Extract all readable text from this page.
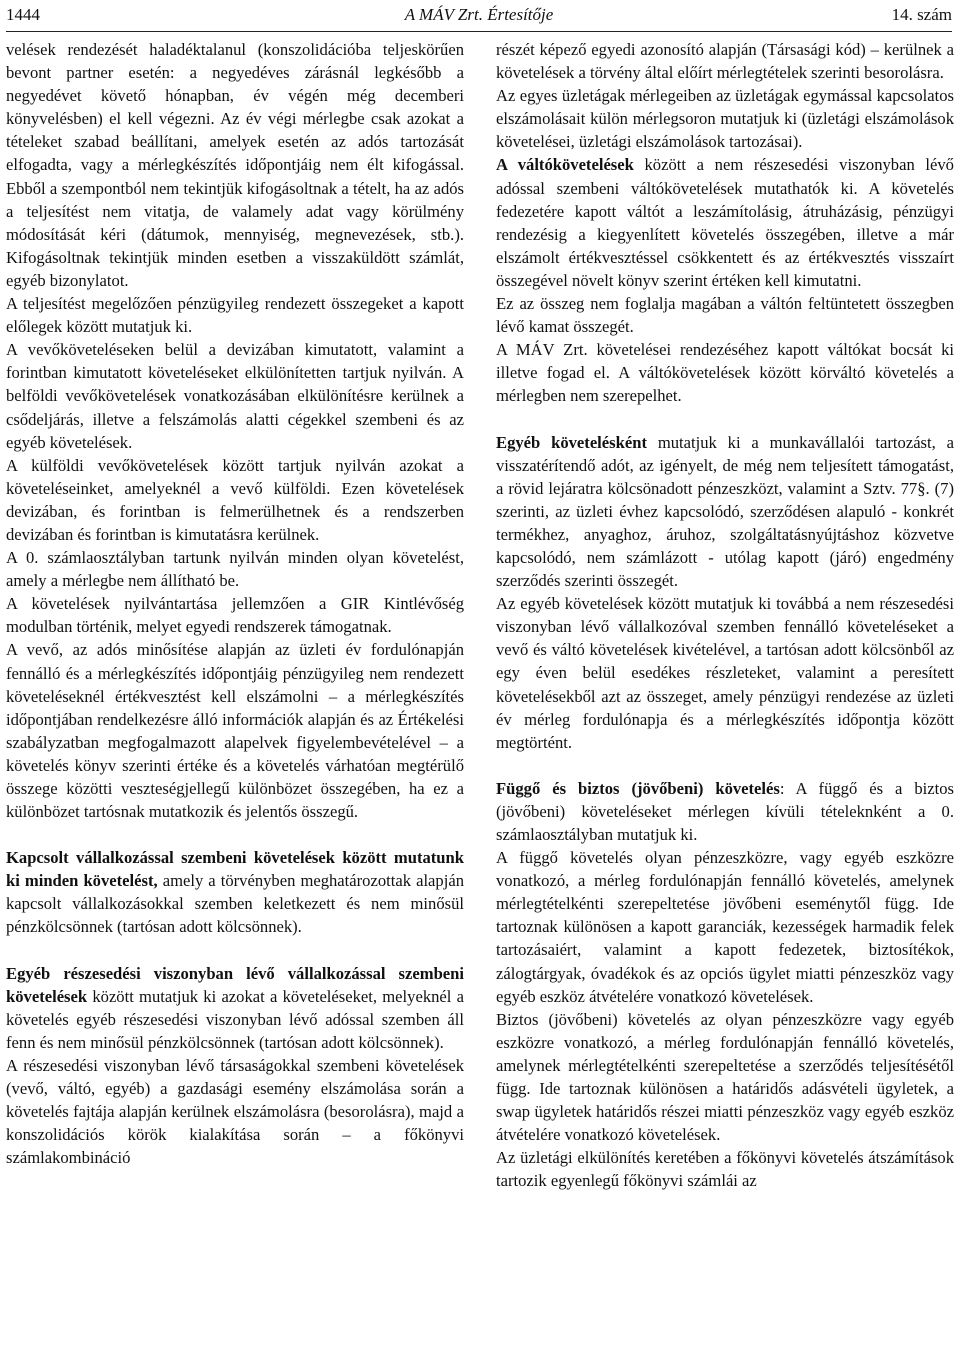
1444	A MÁV Zrt. Értesítője	14. szám

velések rendezését haladéktalanul (konszolidációba teljeskörűen bevont partner esetén: a negyedéves zárásnál legkésőbb a negyedévet követő hónapban, év végén még decemberi könyvelésben) el kell végezni. Az év végi mérlegbe csak azokat a tételeket szabad beállítani, amelyek esetén az adós tartozását elfogadta, vagy a mérlegkészítés időpontjáig nem élt kifogással. Ebből a szempontból nem tekintjük kifogásoltnak a tételt, ha az adós a teljesítést nem vitatja, de valamely adat vagy körülmény módosítását kéri (dátumok, mennyiség, megnevezések, stb.). Kifogásoltnak tekintjük minden esetben a visszaküldött számlát, egyéb bizonylatot.

A teljesítést megelőzően pénzügyileg rendezett összegeket a kapott előlegek között mutatjuk ki.

A vevőköveteléseken belül a devizában kimutatott, valamint a forintban kimutatott követeléseket elkülönítetten tartjuk nyilván. A belföldi vevőkövetelések vonatkozásában elkülönítésre kerülnek a csődeljárás, illetve a felszámolás alatti cégekkel szembeni és az egyéb követelések.

A külföldi vevőkövetelések között tartjuk nyilván azokat a követeléseinket, amelyeknél a vevő külföldi. Ezen követelések devizában, és forintban is felmerülhetnek és a rendszerben devizában és forintban is kimutatásra kerülnek.

A 0. számlaosztályban tartunk nyilván minden olyan követelést, amely a mérlegbe nem állítható be.

A követelések nyilvántartása jellemzően a GIR Kintlévőség modulban történik, melyet egyedi rendszerek támogatnak.

A vevő, az adós minősítése alapján az üzleti év fordulónapján fennálló és a mérlegkészítés időpontjáig pénzügyileg nem rendezett követeléseknél értékvesztést kell elszámolni – a mérlegkészítés időpontjában rendelkezésre álló információk alapján és az Értékelési szabályzatban megfogalmazott alapelvek figyelembevételével – a követelés könyv szerinti értéke és a követelés várhatóan megtérülő összege közötti veszteségjellegű különbözet összegében, ha ez a különbözet tartósnak mutatkozik és jelentős összegű.

Kapcsolt vállalkozással szembeni követelések között mutatunk ki minden követelést, amely a törvényben meghatározottak alapján kapcsolt vállalkozásokkal szemben keletkezett és nem minősül pénzkölcsönnek (tartósan adott kölcsönnek).

Egyéb részesedési viszonyban lévő vállalkozással szembeni követelések között mutatjuk ki azokat a követeléseket, melyeknél a követelés egyéb részesedési viszonyban lévő adóssal szemben áll fenn és nem minősül pénzkölcsönnek (tartósan adott kölcsönnek).

A részesedési viszonyban lévő társaságokkal szembeni követelések (vevő, váltó, egyéb) a gazdasági esemény elszámolása során a követelés fajtája alapján kerülnek elszámolásra (besorolásra), majd a konszolidációs körök kialakítása során – a főkönyvi számlakombináció

részét képező egyedi azonosító alapján (Társasági kód) – kerülnek a követelések a törvény által előírt mérlegtételek szerinti besorolásra.

Az egyes üzletágak mérlegeiben az üzletágak egymással kapcsolatos elszámolásait külön mérlegsoron mutatjuk ki (üzletági elszámolások követelései, üzletági elszámolások tartozásai).

A váltókövetelések között a nem részesedési viszonyban lévő adóssal szembeni váltókövetelések mutathatók ki. A követelés fedezetére kapott váltót a leszámítolásig, átruházásig, pénzügyi rendezésig a kiegyenlített követelés összegében, illetve a már elszámolt értékvesztéssel csökkentett és az értékvesztés visszaírt összegével növelt könyv szerint értéken kell kimutatni.

Ez az összeg nem foglalja magában a váltón feltüntetett összegben lévő kamat összegét.

A MÁV Zrt. követelései rendezéséhez kapott váltókat bocsát ki illetve fogad el. A váltókövetelések között körváltó követelés a mérlegben nem szerepelhet.

Egyéb követelésként mutatjuk ki a munkavállalói tartozást, a visszatérítendő adót, az igényelt, de még nem teljesített támogatást, a rövid lejáratra kölcsönadott pénzeszközt, valamint a Sztv. 77§. (7) szerinti, az üzleti évhez kapcsolódó, szerződésen alapuló - konkrét termékhez, anyaghoz, áruhoz, szolgáltatásnyújtáshoz közvetve kapcsolódó, nem számlázott - utólag kapott (járó) engedmény szerződés szerinti összegét.

Az egyéb követelések között mutatjuk ki továbbá a nem részesedési viszonyban lévő vállalkozóval szemben fennálló követeléseket a vevő és váltó követelések kivételével, a tartósan adott kölcsönből az egy éven belül esedékes részleteket, valamint a peresített követelésekből azt az összeget, amely pénzügyi rendezése az üzleti év mérleg fordulónapja és a mérlegkészítés időpontja között megtörtént.

Függő és biztos (jövőbeni) követelés: A függő és a biztos (jövőbeni) követeléseket mérlegen kívüli tételeknként a 0. számlaosztályban mutatjuk ki.

A függő követelés olyan pénzeszközre, vagy egyéb eszközre vonatkozó, a mérleg fordulónapján fennálló követelés, amelynek mérlegtételkénti szerepeltetése jövőbeni eseménytől függ. Ide tartoznak különösen a kapott garanciák, kezességek harmadik felek tartozásaiért, valamint a kapott fedezetek, biztosítékok, zálogtárgyak, óvadékok és az opciós ügylet miatti pénzeszköz vagy egyéb eszköz átvételére vonatkozó követelések.

Biztos (jövőbeni) követelés az olyan pénzeszközre vagy egyéb eszközre vonatkozó, a mérleg fordulónapján fennálló követelés, amelynek mérlegtételkénti szerepeltetése a szerződés teljesítésétől függ. Ide tartoznak különösen a határidős adásvételi ügyletek, a swap ügyletek határidős részei miatti pénzeszköz vagy egyéb eszköz átvételére vonatkozó követelések.

Az üzletági elkülönítés keretében a főkönyvi követelés átszámítások tartozik egyenlegű főkönyvi számlái az
